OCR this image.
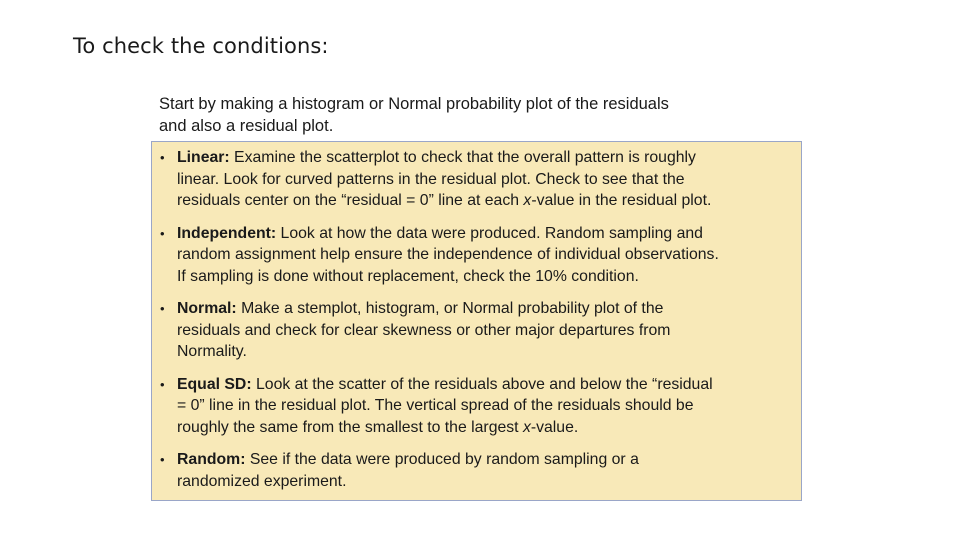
To check the conditions:
Start by making a histogram or Normal probability plot of the residuals
and also a residual plot.
• Linear: Examine the scatterplot to check that the overall pattern is roughly
linear. Look for curved patterns in the residual plot. Check to see that the
residuals center on the “residual = 0” line at each x-value in the residual plot.
• Independent: Look at how the data were produced. Random sampling and
random assignment help ensure the independence of individual observations.
If sampling is done without replacement, check the 10% condition.
• Normal: Make a stemplot, histogram, or Normal probability plot of the
residuals and check for clear skewness or other major departures from
Normality.
• Equal SD: Look at the scatter of the residuals above and below the “residual
= 0” line in the residual plot. The vertical spread of the residuals should be
roughly the same from the smallest to the largest x-value.
• Random: See if the data were produced by random sampling or a
randomized experiment.
